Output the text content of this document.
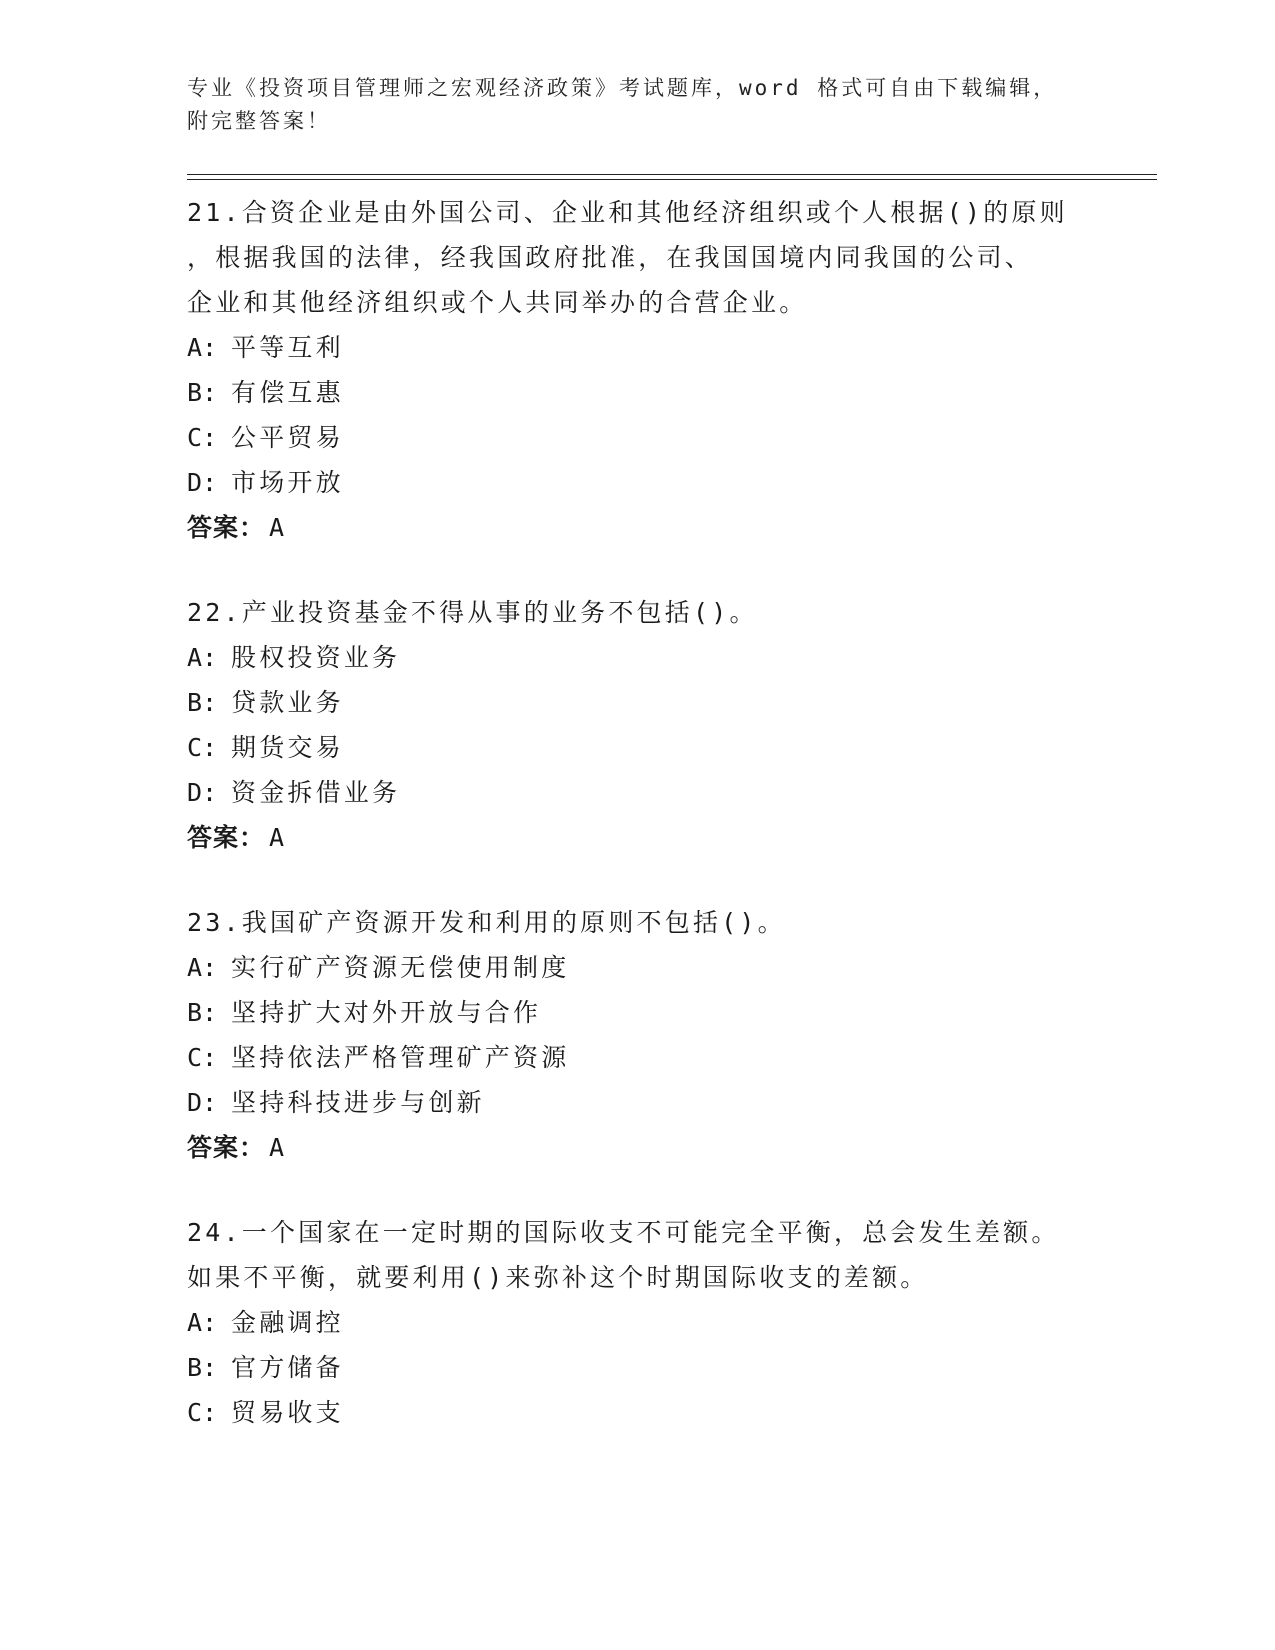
专业《投资项目管理师之宏观经济政策》考试题库，word 格式可自由下载编辑，
附完整答案！
21.合资企业是由外国公司、企业和其他经济组织或个人根据()的原则
，根据我国的法律，经我国政府批准，在我国国境内同我国的公司、
企业和其他经济组织或个人共同举办的合营企业。
A: 平等互利
B: 有偿互惠
C: 公平贸易
D: 市场开放
答案： A
22.产业投资基金不得从事的业务不包括()。
A: 股权投资业务
B: 贷款业务
C: 期货交易
D: 资金拆借业务
答案： A
23.我国矿产资源开发和利用的原则不包括()。
A: 实行矿产资源无偿使用制度
B: 坚持扩大对外开放与合作
C: 坚持依法严格管理矿产资源
D: 坚持科技进步与创新
答案： A
24.一个国家在一定时期的国际收支不可能完全平衡，总会发生差额。
如果不平衡，就要利用()来弥补这个时期国际收支的差额。
A: 金融调控
B: 官方储备
C: 贸易收支
